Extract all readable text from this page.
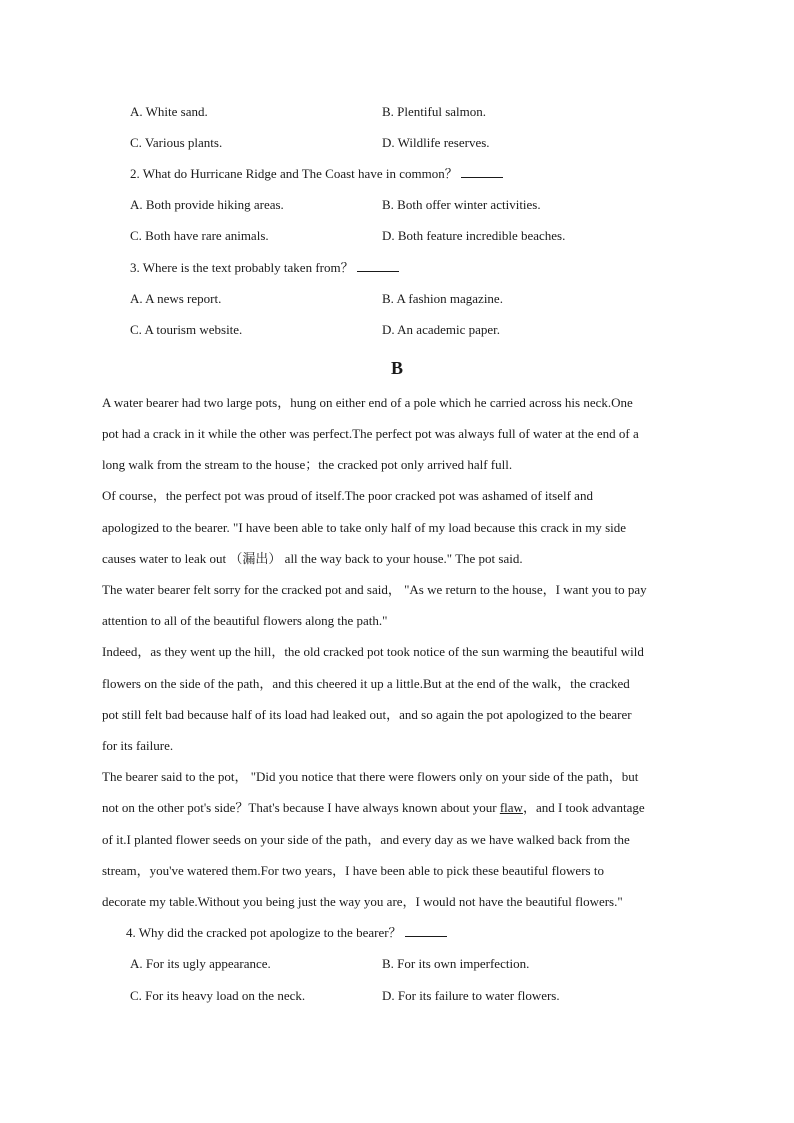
A. White sand.	B. Plentiful salmon.
C. Various plants.	D. Wildlife reserves.
2. What do Hurricane Ridge and The Coast have in common？
A. Both provide hiking areas.	B. Both offer winter activities.
C. Both have rare animals.	D. Both feature incredible beaches.
3. Where is the text probably taken from？
A. A news report.	B. A fashion magazine.
C. A tourism website.	D. An academic paper.
B
A water bearer had two large pots，hung on either end of a pole which he carried across his neck.One
pot had a crack in it while the other was perfect.The perfect pot was always full of water at the end of a
long walk from the stream to the house；the cracked pot only arrived half full.
Of course，the perfect pot was proud of itself.The poor cracked pot was ashamed of itself and
apologized to the bearer. "I have been able to take only half of my load because this crack in my side
causes water to leak out （漏出） all the way back to your house." The pot said.
The water bearer felt sorry for the cracked pot and said， "As we return to the house，I want you to pay
attention to all of the beautiful flowers along the path."
Indeed，as they went up the hill，the old cracked pot took notice of the sun warming the beautiful wild
flowers on the side of the path，and this cheered it up a little.But at the end of the walk，the cracked
pot still felt bad because half of its load had leaked out，and so again the pot apologized to the bearer
for its failure.
The bearer said to the pot， "Did you notice that there were flowers only on your side of the path，but
not on the other pot's side？That's because I have always known about your flaw，and I took advantage
of it.I planted flower seeds on your side of the path，and every day as we have walked back from the
stream，you've watered them.For two years，I have been able to pick these beautiful flowers to
decorate my table.Without you being just the way you are，I would not have the beautiful flowers."
4. Why did the cracked pot apologize to the bearer？
A. For its ugly appearance.	B. For its own imperfection.
C. For its heavy load on the neck.	D. For its failure to water flowers.
